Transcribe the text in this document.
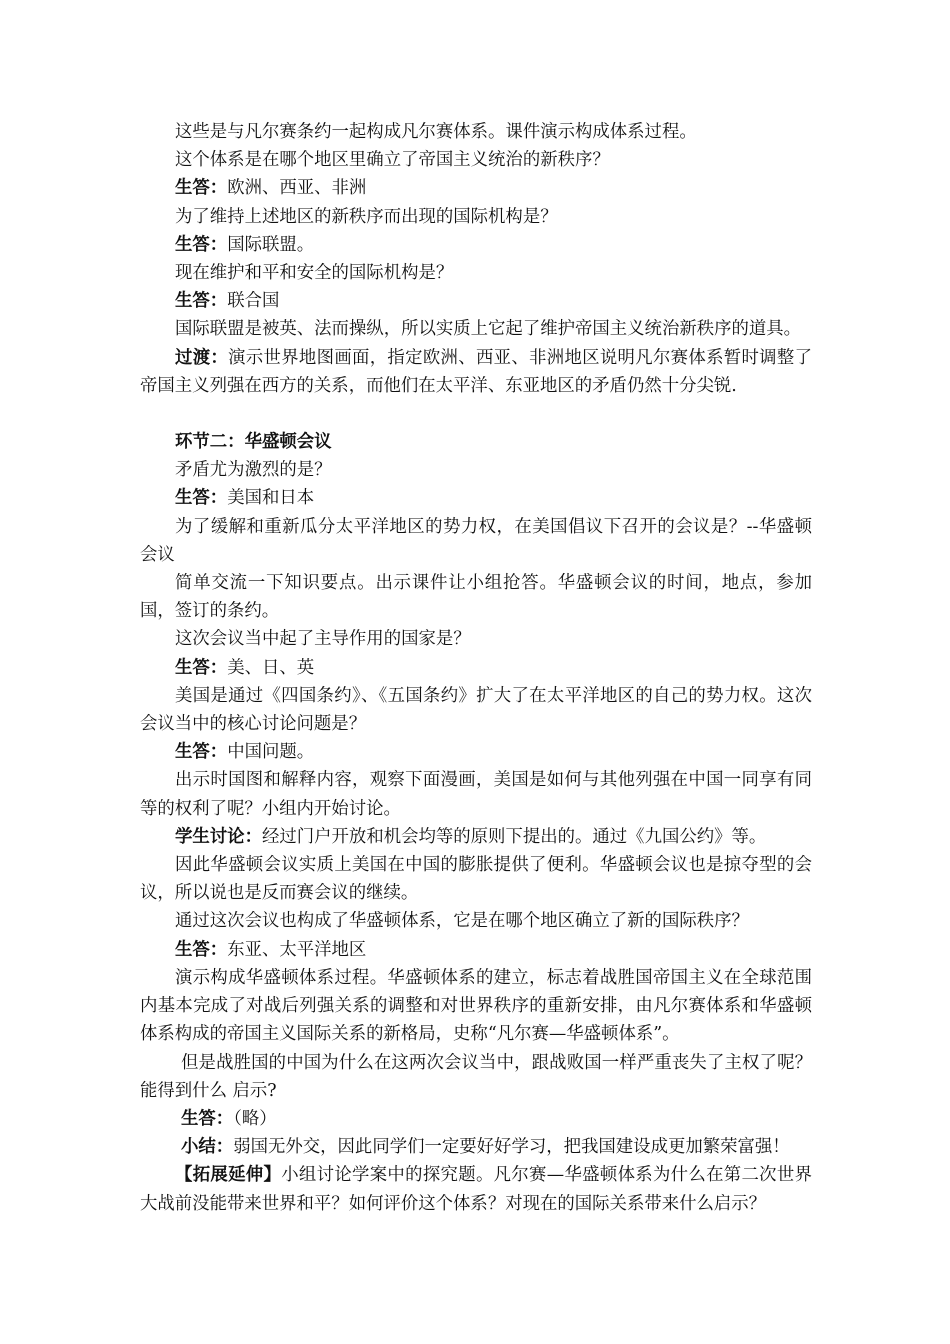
这些是与凡尔赛条约一起构成凡尔赛体系。课件演示构成体系过程。

这个体系是在哪个地区里确立了帝国主义统治的新秩序？

生答：欧洲、西亚、非洲

为了维持上述地区的新秩序而出现的国际机构是？

生答：国际联盟。

现在维护和平和安全的国际机构是？

生答：联合国

国际联盟是被英、法而操纵，所以实质上它起了维护帝国主义统治新秩序的道具。

过渡：演示世界地图画面，指定欧洲、西亚、非洲地区说明凡尔赛体系暂时调整了帝国主义列强在西方的关系，而他们在太平洋、东亚地区的矛盾仍然十分尖锐.

环节二：华盛顿会议

矛盾尤为激烈的是？

生答：美国和日本

为了缓解和重新瓜分太平洋地区的势力权，在美国倡议下召开的会议是？--华盛顿会议

简单交流一下知识要点。出示课件让小组抢答。华盛顿会议的时间，地点，参加国，签订的条约。

这次会议当中起了主导作用的国家是？

生答：美、日、英

美国是通过《四国条约》、《五国条约》扩大了在太平洋地区的自己的势力权。这次会议当中的核心讨论问题是？

生答：中国问题。

出示时国图和解释内容，观察下面漫画，美国是如何与其他列强在中国一同享有同等的权利了呢？小组内开始讨论。

学生讨论：经过门户开放和机会均等的原则下提出的。通过《九国公约》等。

因此华盛顿会议实质上美国在中国的膨胀提供了便利。华盛顿会议也是掠夺型的会议，所以说也是反而赛会议的继续。

通过这次会议也构成了华盛顿体系，它是在哪个地区确立了新的国际秩序？

生答：东亚、太平洋地区

演示构成华盛顿体系过程。华盛顿体系的建立，标志着战胜国帝国主义在全球范围内基本完成了对战后列强关系的调整和对世界秩序的重新安排，由凡尔赛体系和华盛顿体系构成的帝国主义国际关系的新格局，史称“凡尔赛—华盛顿体系”。

但是战胜国的中国为什么在这两次会议当中，跟战败国一样严重丧失了主权了呢？能得到什么 启示?

生答：（略）

小结：弱国无外交，因此同学们一定要好好学习，把我国建设成更加繁荣富强！

【拓展延伸】小组讨论学案中的探究题。凡尔赛—华盛顿体系为什么在第二次世界大战前没能带来世界和平？如何评价这个体系？对现在的国际关系带来什么启示？
